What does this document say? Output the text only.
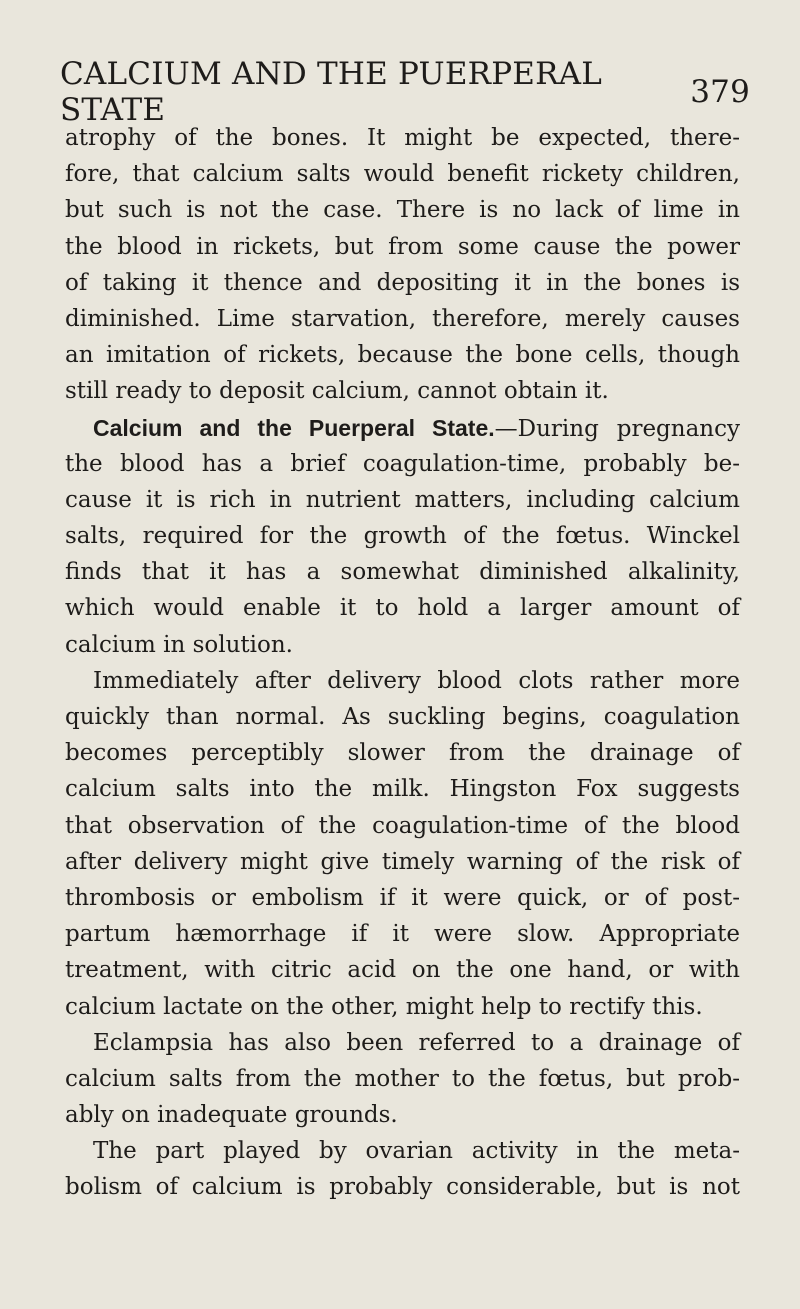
CALCIUM AND THE PUERPERAL STATE	379
atrophy of the bones. It might be expected, there-
fore, that calcium salts would benefit rickety children,
but such is not the case. There is no lack of lime in
the blood in rickets, but from some cause the power
of taking it thence and depositing it in the bones is
diminished. Lime starvation, therefore, merely causes
an imitation of rickets, because the bone cells, though
still ready to deposit calcium, cannot obtain it.
Calcium and the Puerperal State.—During pregnancy
the blood has a brief coagulation-time, probably be-
cause it is rich in nutrient matters, including calcium
salts, required for the growth of the fœtus. Winckel
finds that it has a somewhat diminished alkalinity,
which would enable it to hold a larger amount of
calcium in solution.
Immediately after delivery blood clots rather more
quickly than normal. As suckling begins, coagulation
becomes perceptibly slower from the drainage of
calcium salts into the milk. Hingston Fox suggests
that observation of the coagulation-time of the blood
after delivery might give timely warning of the risk of
thrombosis or embolism if it were quick, or of post-
partum hæmorrhage if it were slow. Appropriate
treatment, with citric acid on the one hand, or with
calcium lactate on the other, might help to rectify this.
Eclampsia has also been referred to a drainage of
calcium salts from the mother to the fœtus, but prob-
ably on inadequate grounds.
The part played by ovarian activity in the meta-
bolism of calcium is probably considerable, but is not
